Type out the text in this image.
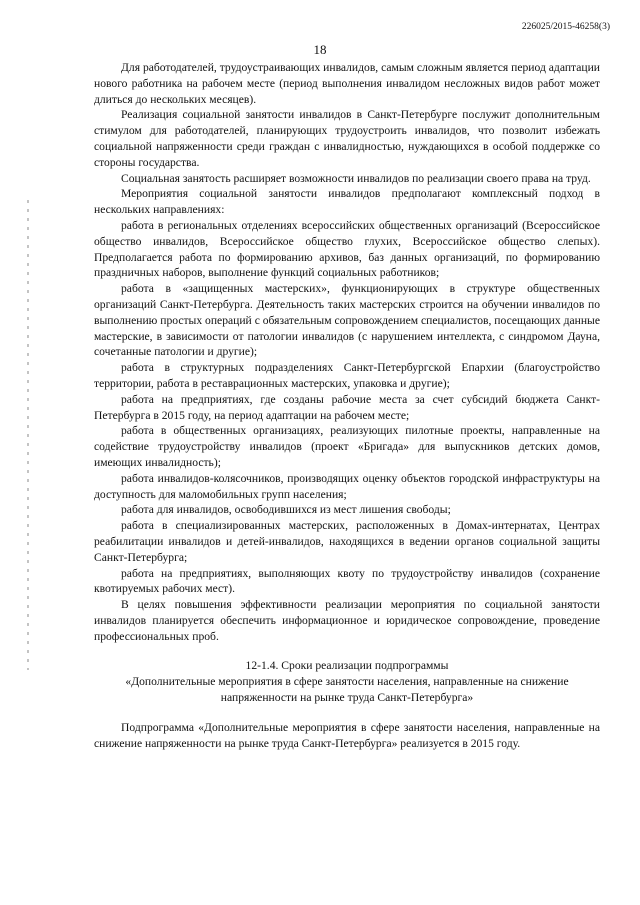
226025/2015-46258(3)
18

Для работодателей, трудоустраивающих инвалидов, самым сложным является период адаптации нового работника на рабочем месте (период выполнения инвалидом несложных видов работ может длиться до нескольких месяцев).

Реализация социальной занятости инвалидов в Санкт-Петербурге послужит дополнительным стимулом для работодателей, планирующих трудоустроить инвалидов, что позволит избежать социальной напряженности среди граждан с инвалидностью, нуждающихся в особой поддержке со стороны государства.

Социальная занятость расширяет возможности инвалидов по реализации своего права на труд.

Мероприятия социальной занятости инвалидов предполагают комплексный подход в нескольких направлениях:

работа в региональных отделениях всероссийских общественных организаций (Всероссийское общество инвалидов, Всероссийское общество глухих, Всероссийское общество слепых). Предполагается работа по формированию архивов, баз данных организаций, по формированию праздничных наборов, выполнение функций социальных работников;

работа в «защищенных мастерских», функционирующих в структуре общественных организаций Санкт-Петербурга. Деятельность таких мастерских строится на обучении инвалидов по выполнению простых операций с обязательным сопровождением специалистов, посещающих данные мастерские, в зависимости от патологии инвалидов (с нарушением интеллекта, с синдромом Дауна, сочетанные патологии и другие);

работа в структурных подразделениях Санкт-Петербургской Епархии (благоустройство территории, работа в реставрационных мастерских, упаковка и другие);

работа на предприятиях, где созданы рабочие места за счет субсидий бюджета Санкт-Петербурга в 2015 году, на период адаптации на рабочем месте;

работа в общественных организациях, реализующих пилотные проекты, направленные на содействие трудоустройству инвалидов (проект «Бригада» для выпускников детских домов, имеющих инвалидность);

работа инвалидов-колясочников, производящих оценку объектов городской инфраструктуры на доступность для маломобильных групп населения;

работа для инвалидов, освободившихся из мест лишения свободы;

работа в специализированных мастерских, расположенных в Домах-интернатах, Центрах реабилитации инвалидов и детей-инвалидов, находящихся в ведении органов социальной защиты Санкт-Петербурга;

работа на предприятиях, выполняющих квоту по трудоустройству инвалидов (сохранение квотируемых рабочих мест).

В целях повышения эффективности реализации мероприятия по социальной занятости инвалидов планируется обеспечить информационное и юридическое сопровождение, проведение профессиональных проб.

12-1.4. Сроки реализации подпрограммы

«Дополнительные мероприятия в сфере занятости населения, направленные на снижение напряженности на рынке труда Санкт-Петербурга»

Подпрограмма «Дополнительные мероприятия в сфере занятости населения, направленные на снижение напряженности на рынке труда Санкт-Петербурга» реализуется в 2015 году.
